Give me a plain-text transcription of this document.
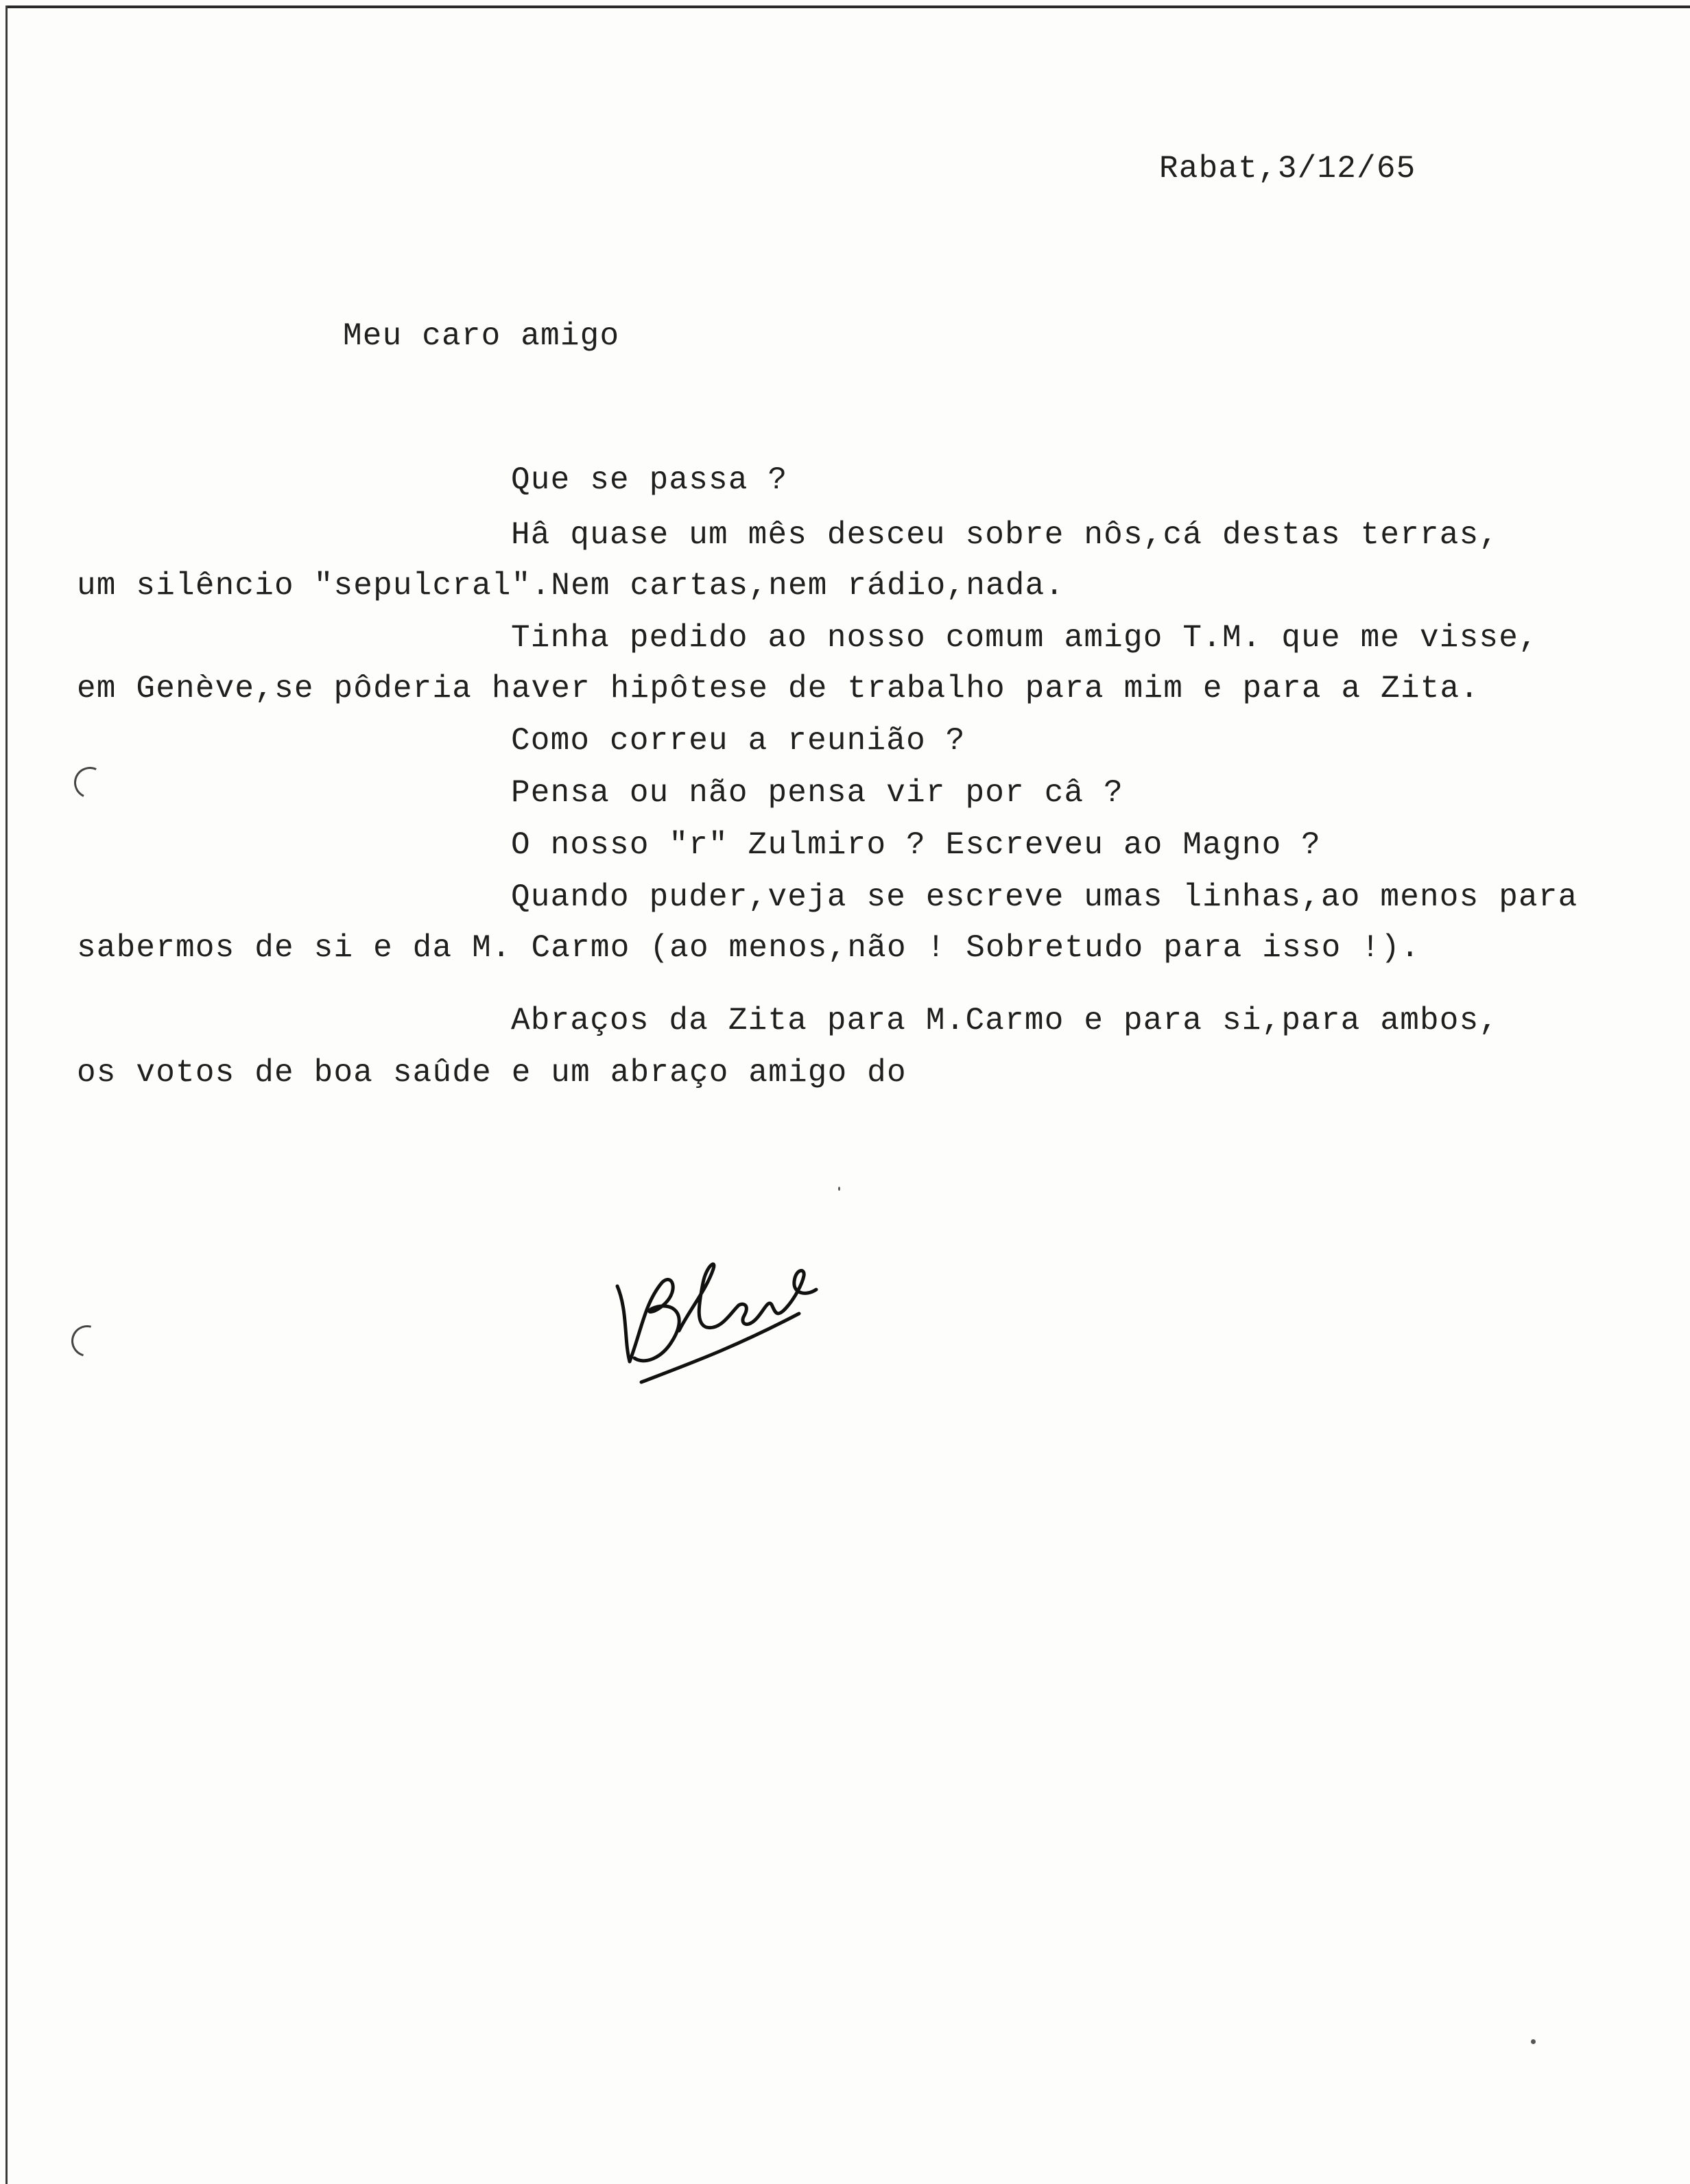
Rabat,3/12/65
Meu caro amigo
Que se passa ?
Hâ quase um mês desceu sobre nôs,cá destas terras,
um silêncio "sepulcral".Nem cartas,nem rádio,nada.
Tinha pedido ao nosso comum amigo T.M. que me visse,
em Genève,se pôderia haver hipôtese de trabalho para mim e para a Zita.
Como correu a reunião ?
Pensa ou não pensa vir por câ ?
O nosso "r" Zulmiro ? Escreveu ao Magno ?
Quando puder,veja se escreve umas linhas,ao menos para
sabermos de si e da M. Carmo (ao menos,não ! Sobretudo para isso !).
Abraços da Zita para M.Carmo e para si,para ambos,
os votos de boa saûde e um abraço amigo do
